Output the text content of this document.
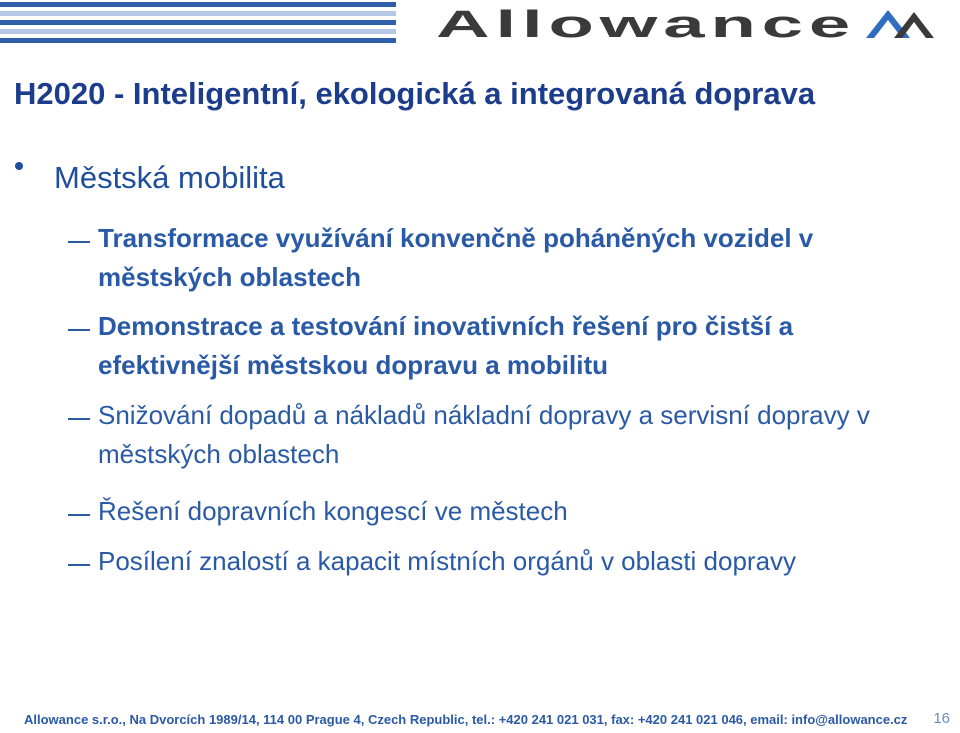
Allowance
H2020 - Inteligentní, ekologická a integrovaná doprava
Městská mobilita
Transformace využívání konvenčně poháněných vozidel v městských oblastech
Demonstrace a testování inovativních řešení pro čistší a efektivnější městskou dopravu a mobilitu
Snižování dopadů a nákladů nákladní dopravy a servisní dopravy v městských oblastech
Řešení dopravních kongescí ve městech
Posílení znalostí a kapacit místních orgánů v oblasti dopravy
Allowance s.r.o., Na Dvorcích 1989/14, 114 00 Prague 4, Czech Republic, tel.: +420 241 021 031, fax: +420 241 021 046, email: info@allowance.cz 16
